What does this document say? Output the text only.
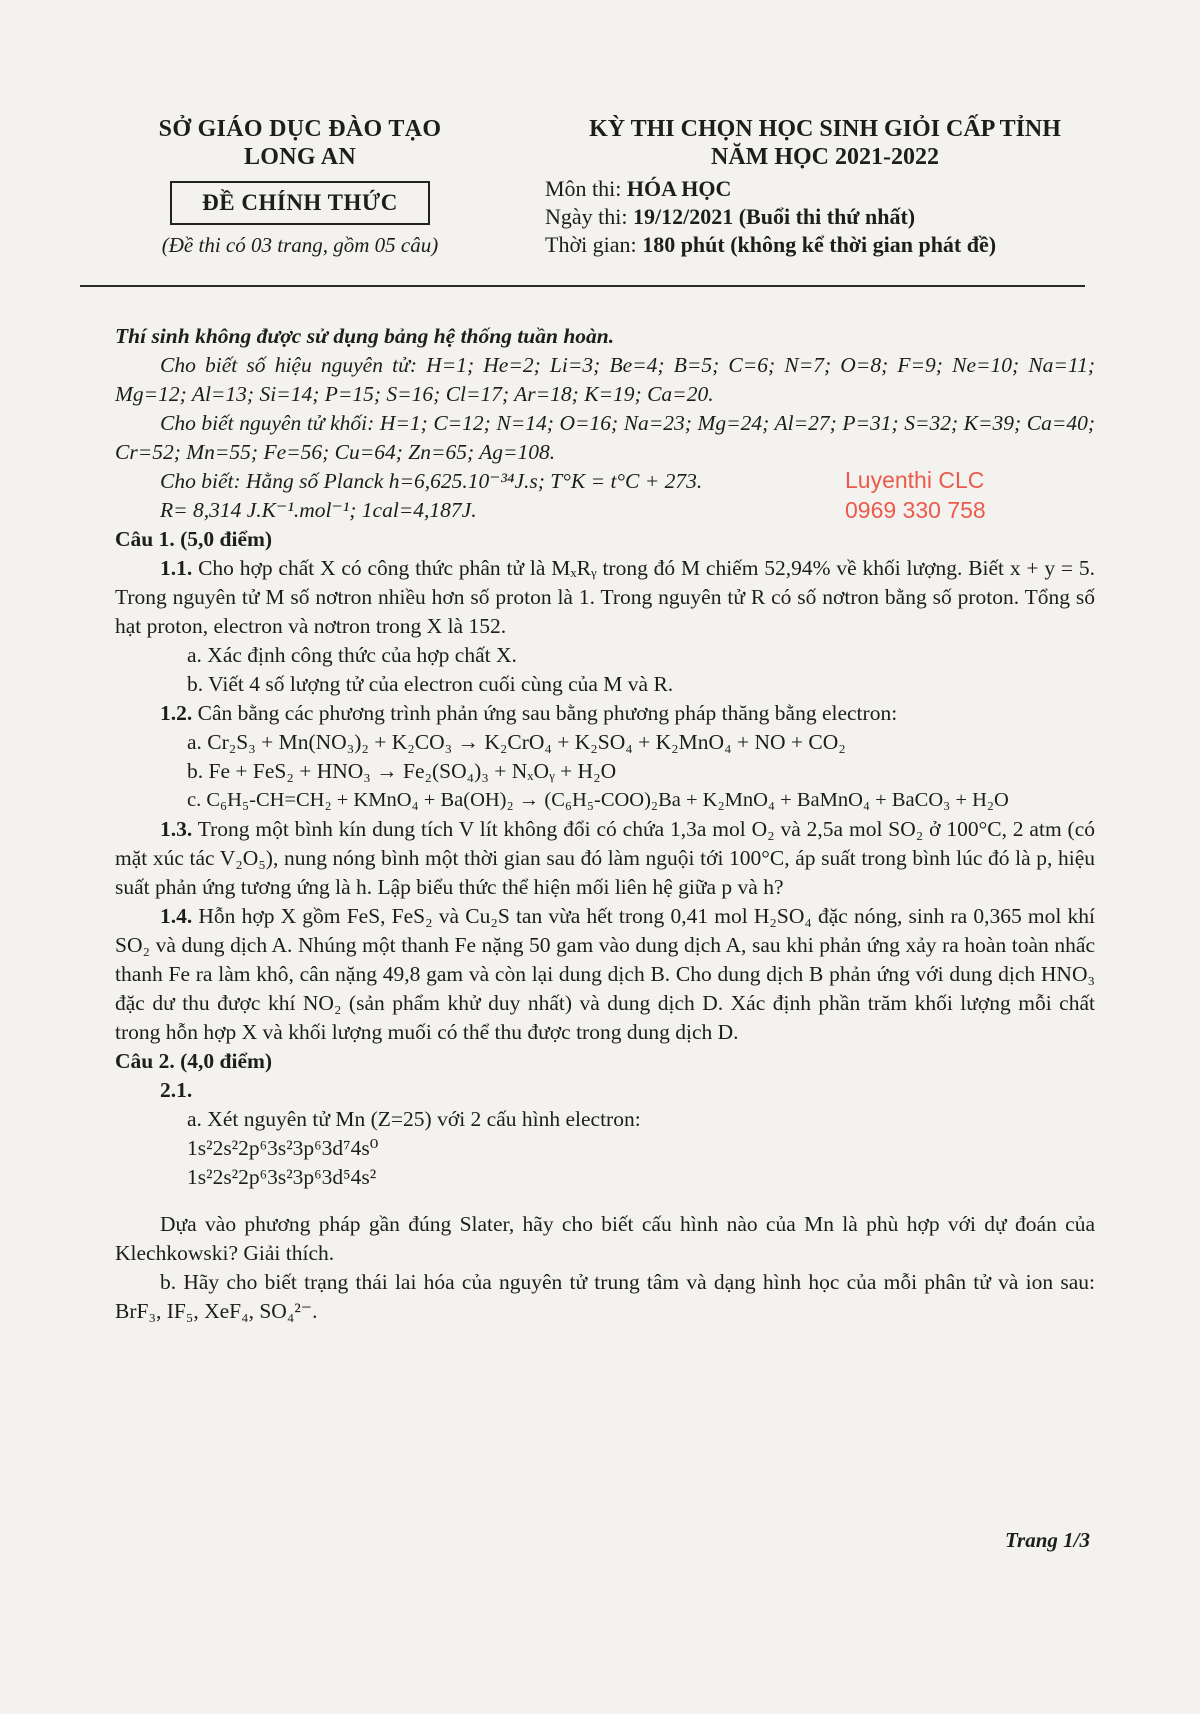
SỞ GIÁO DỤC ĐÀO TẠO
LONG AN
ĐỀ CHÍNH THỨC
(Đề thi có 03 trang, gồm 05 câu)
KỲ THI CHỌN HỌC SINH GIỎI CẤP TỈNH
NĂM HỌC 2021-2022
Môn thi: HÓA HỌC
Ngày thi: 19/12/2021 (Buổi thi thứ nhất)
Thời gian: 180 phút (không kể thời gian phát đề)
Luyenthi CLC
0969 330 758

Thí sinh không được sử dụng bảng hệ thống tuần hoàn.

Cho biết số hiệu nguyên tử: H=1; He=2; Li=3; Be=4; B=5; C=6; N=7; O=8; F=9; Ne=10; Na=11; Mg=12; Al=13; Si=14; P=15; S=16; Cl=17; Ar=18; K=19; Ca=20.

Cho biết nguyên tử khối: H=1; C=12; N=14; O=16; Na=23; Mg=24; Al=27; P=31; S=32; K=39; Ca=40; Cr=52; Mn=55; Fe=56; Cu=64; Zn=65; Ag=108.

Cho biết: Hằng số Planck h=6,625.10⁻³⁴J.s; T°K = t°C + 273.

R= 8,314 J.K⁻¹.mol⁻¹; 1cal=4,187J.

Câu 1. (5,0 điểm)

1.1. Cho hợp chất X có công thức phân tử là MₓRᵧ trong đó M chiếm 52,94% về khối lượng. Biết x + y = 5. Trong nguyên tử M số nơtron nhiều hơn số proton là 1. Trong nguyên tử R có số nơtron bằng số proton. Tổng số hạt proton, electron và nơtron trong X là 152.

a. Xác định công thức của hợp chất X.

b. Viết 4 số lượng tử của electron cuối cùng của M và R.

1.2. Cân bằng các phương trình phản ứng sau bằng phương pháp thăng bằng electron:

a. Cr₂S₃ + Mn(NO₃)₂ + K₂CO₃ → K₂CrO₄ + K₂SO₄ + K₂MnO₄ + NO + CO₂

b. Fe + FeS₂ + HNO₃ → Fe₂(SO₄)₃ + NₓOᵧ + H₂O

c. C₆H₅-CH=CH₂ + KMnO₄ + Ba(OH)₂ → (C₆H₅-COO)₂Ba + K₂MnO₄ + BaMnO₄ + BaCO₃ + H₂O

1.3. Trong một bình kín dung tích V lít không đổi có chứa 1,3a mol O₂ và 2,5a mol SO₂ ở 100°C, 2 atm (có mặt xúc tác V₂O₅), nung nóng bình một thời gian sau đó làm nguội tới 100°C, áp suất trong bình lúc đó là p, hiệu suất phản ứng tương ứng là h. Lập biểu thức thể hiện mối liên hệ giữa p và h?

1.4. Hỗn hợp X gồm FeS, FeS₂ và Cu₂S tan vừa hết trong 0,41 mol H₂SO₄ đặc nóng, sinh ra 0,365 mol khí SO₂ và dung dịch A. Nhúng một thanh Fe nặng 50 gam vào dung dịch A, sau khi phản ứng xảy ra hoàn toàn nhấc thanh Fe ra làm khô, cân nặng 49,8 gam và còn lại dung dịch B. Cho dung dịch B phản ứng với dung dịch HNO₃ đặc dư thu được khí NO₂ (sản phẩm khử duy nhất) và dung dịch D. Xác định phần trăm khối lượng mỗi chất trong hỗn hợp X và khối lượng muối có thể thu được trong dung dịch D.

Câu 2. (4,0 điểm)

2.1.

a. Xét nguyên tử Mn (Z=25) với 2 cấu hình electron:

1s²2s²2p⁶3s²3p⁶3d⁷4s⁰

1s²2s²2p⁶3s²3p⁶3d⁵4s²

Dựa vào phương pháp gần đúng Slater, hãy cho biết cấu hình nào của Mn là phù hợp với dự đoán của Klechkowski? Giải thích.

b. Hãy cho biết trạng thái lai hóa của nguyên tử trung tâm và dạng hình học của mỗi phân tử và ion sau: BrF₃, IF₅, XeF₄, SO₄²⁻.

Trang 1/3
